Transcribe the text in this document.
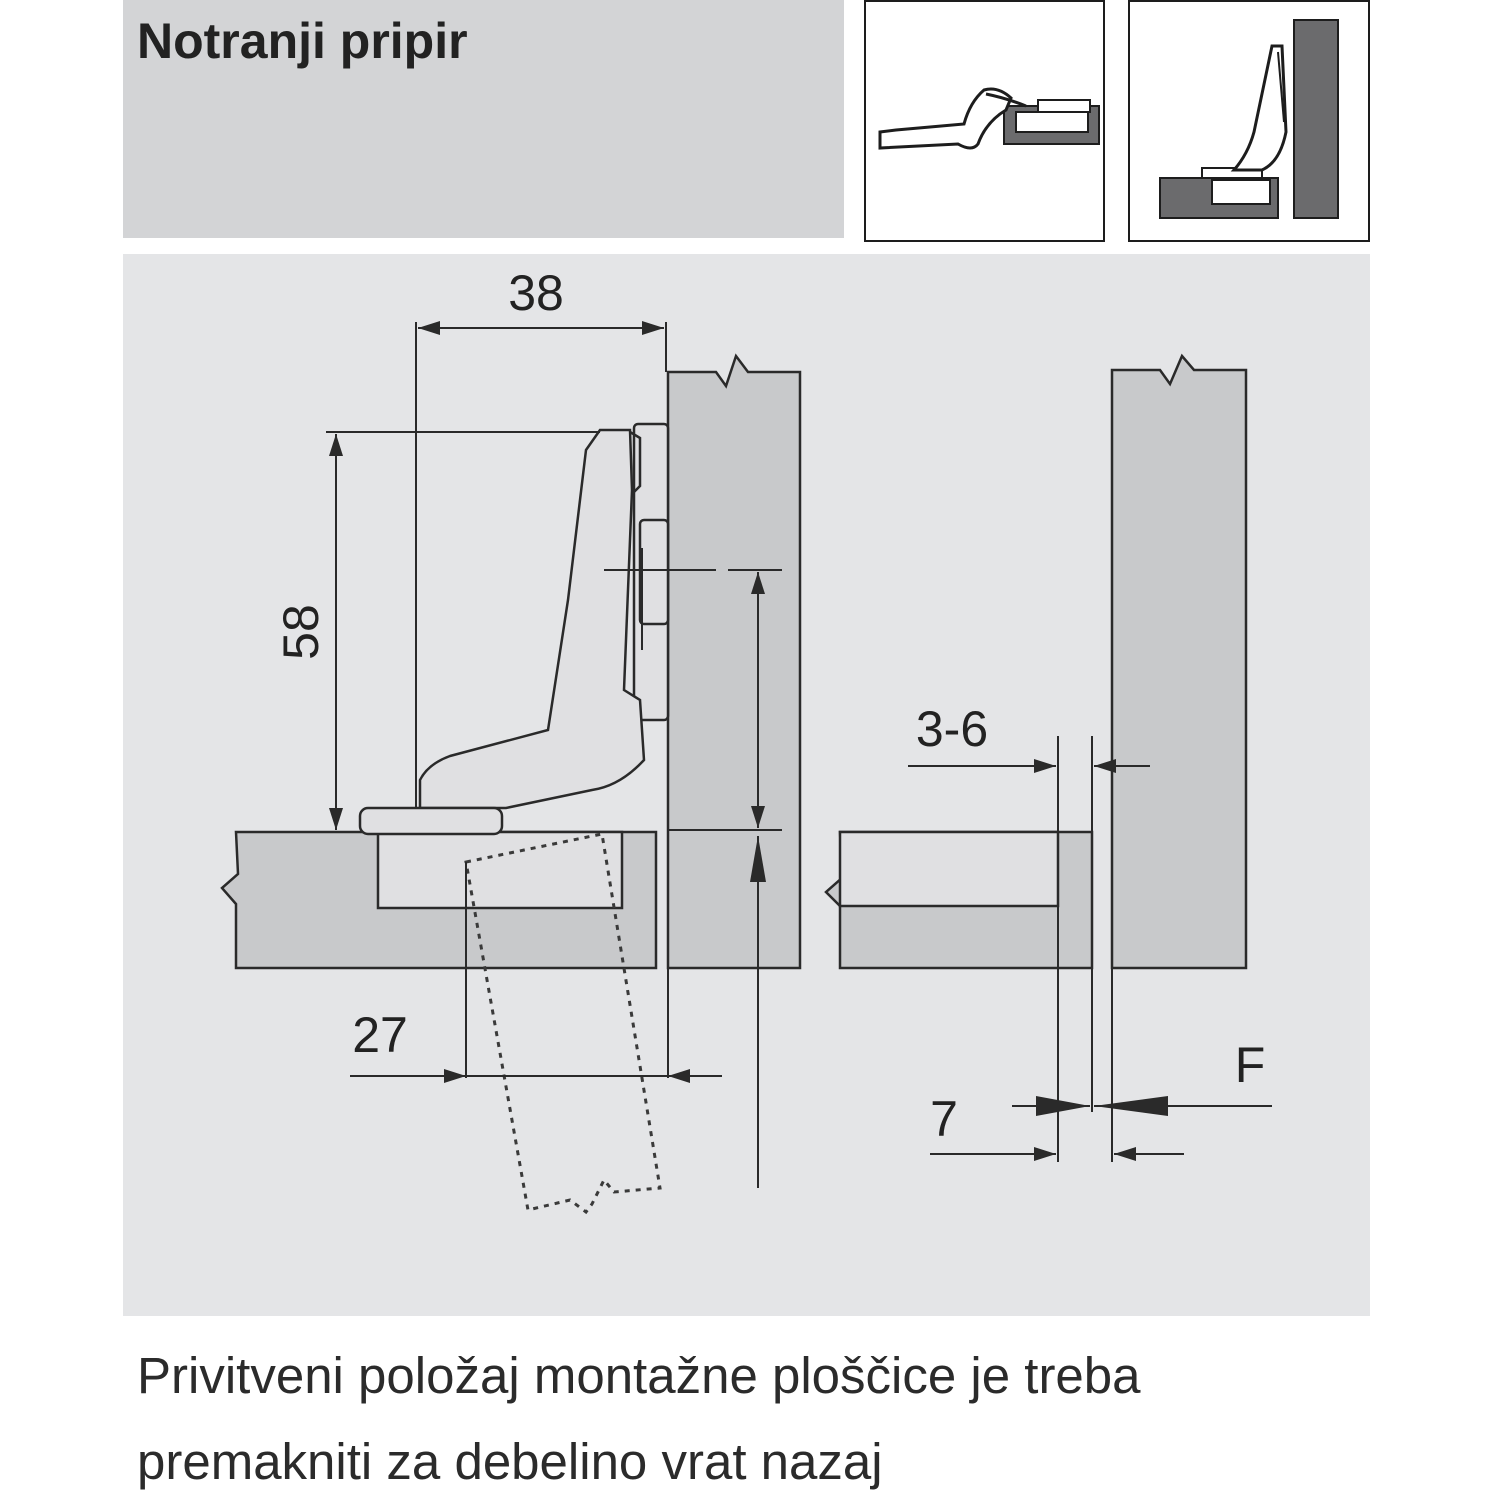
Notranji pripir
38
58
27
3-6
7
F
Privitveni položaj montažne ploščice je treba
premakniti za debelino vrat nazaj
